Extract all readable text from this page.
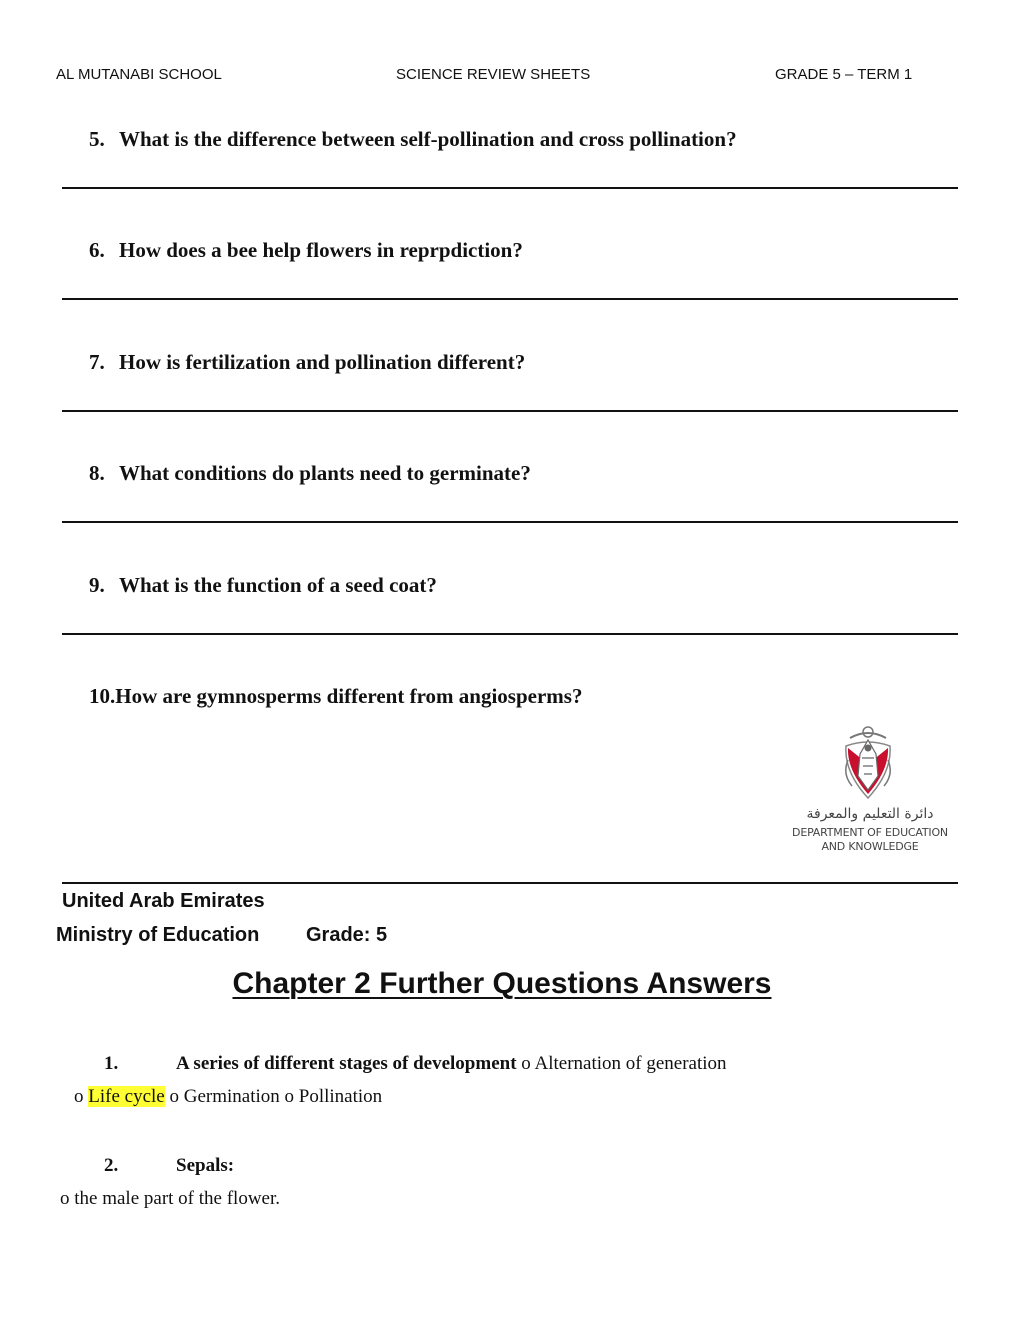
AL MUTANABI SCHOOL	SCIENCE REVIEW SHEETS	GRADE 5 – TERM 1
5. What is the difference between self-pollination and cross pollination?
6. How does a bee help flowers in reprpdiction?
7. How is fertilization and pollination different?
8. What conditions do plants need to germinate?
9. What is the function of a seed coat?
10.How are gymnosperms different from angiosperms?
دائرة التعليم والمعرفة
DEPARTMENT OF EDUCATION
AND KNOWLEDGE
United Arab Emirates
Ministry of Education Grade: 5
Chapter 2 Further Questions Answers
1.	A series of different stages of development o Alternation of generation
o Life cycle o Germination o Pollination
2.	Sepals:
o the male part of the flower.
